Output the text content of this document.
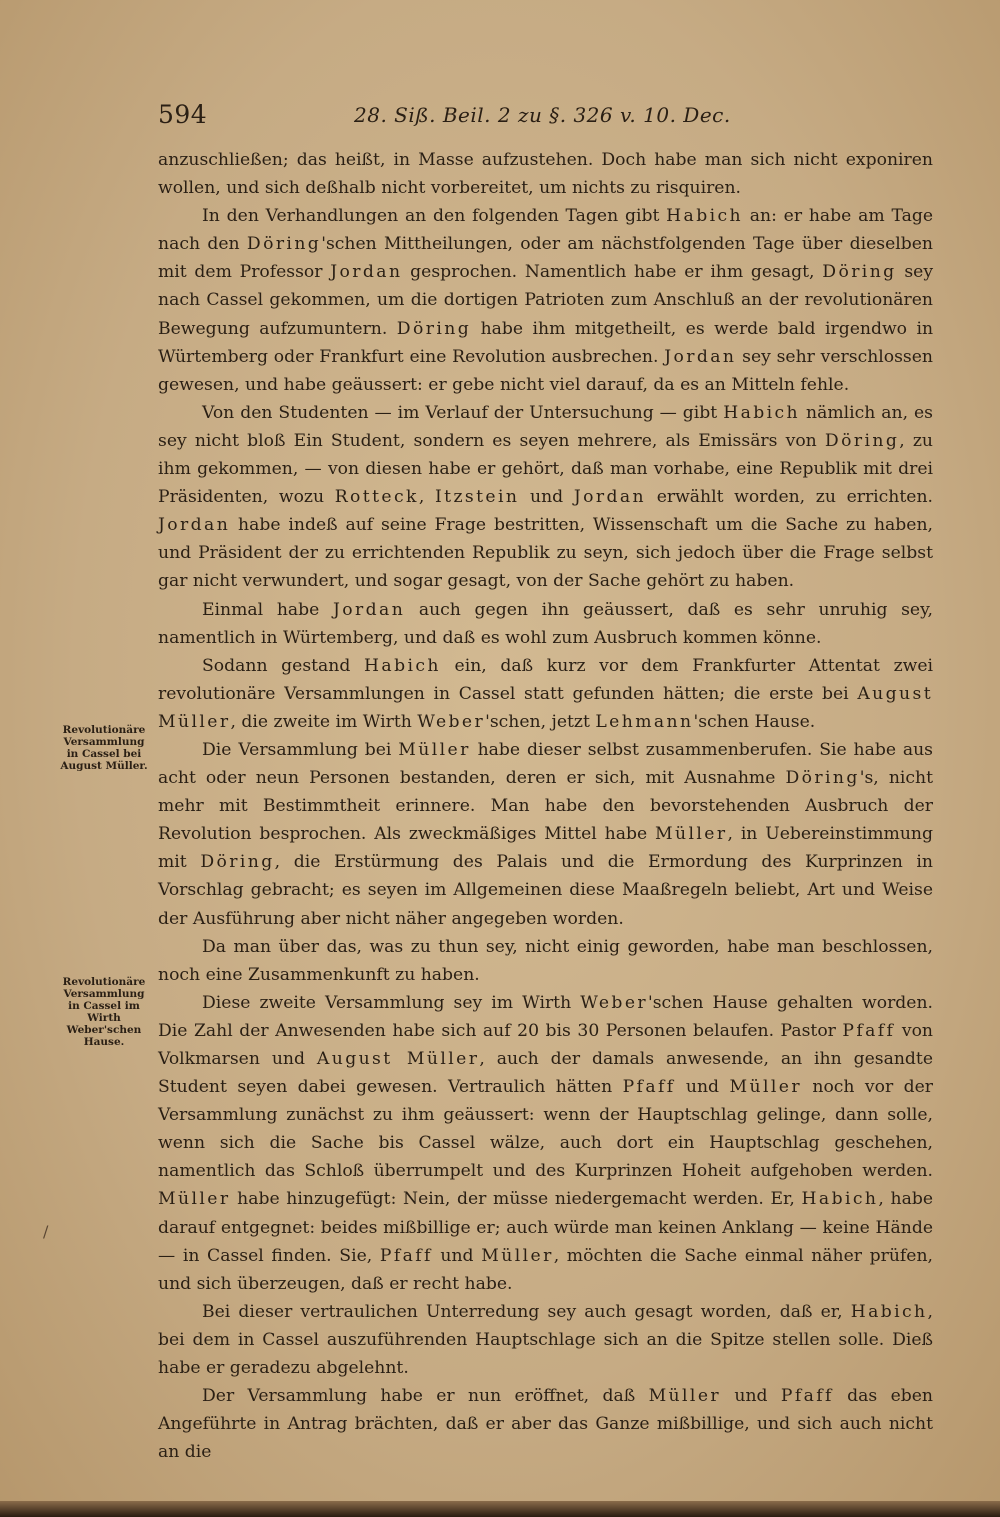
594	28. Siß. Beil. 2 zu §. 326 v. 10. Dec.
Revolutionäre Versammlung in Cassel bei August Müller.
Revolutionäre Versammlung in Cassel im Wirth Weber'schen Hause.
/

anzuschließen; das heißt, in Masse aufzustehen. Doch habe man sich nicht exponiren wollen, und sich deßhalb nicht vorbereitet, um nichts zu risquiren.

In den Verhandlungen an den folgenden Tagen gibt Habich an: er habe am Tage nach den Döring'schen Mittheilungen, oder am nächstfolgenden Tage über dieselben mit dem Professor Jordan gesprochen. Namentlich habe er ihm gesagt, Döring sey nach Cassel gekommen, um die dortigen Patrioten zum Anschluß an der revolutionären Bewegung aufzumuntern. Döring habe ihm mitgetheilt, es werde bald irgendwo in Würtemberg oder Frankfurt eine Revolution ausbrechen. Jordan sey sehr verschlossen gewesen, und habe geäussert: er gebe nicht viel darauf, da es an Mitteln fehle.

Von den Studenten — im Verlauf der Untersuchung — gibt Habich nämlich an, es sey nicht bloß Ein Student, sondern es seyen mehrere, als Emissärs von Döring, zu ihm gekommen, — von diesen habe er gehört, daß man vorhabe, eine Republik mit drei Präsidenten, wozu Rotteck, Itzstein und Jordan erwählt worden, zu errichten. Jordan habe indeß auf seine Frage bestritten, Wissenschaft um die Sache zu haben, und Präsident der zu errichtenden Republik zu seyn, sich jedoch über die Frage selbst gar nicht verwundert, und sogar gesagt, von der Sache gehört zu haben.

Einmal habe Jordan auch gegen ihn geäussert, daß es sehr unruhig sey, namentlich in Würtemberg, und daß es wohl zum Ausbruch kommen könne.

Sodann gestand Habich ein, daß kurz vor dem Frankfurter Attentat zwei revolutionäre Versammlungen in Cassel statt gefunden hätten; die erste bei August Müller, die zweite im Wirth Weber'schen, jetzt Lehmann'schen Hause.

Die Versammlung bei Müller habe dieser selbst zusammenberufen. Sie habe aus acht oder neun Personen bestanden, deren er sich, mit Ausnahme Döring's, nicht mehr mit Bestimmtheit erinnere. Man habe den bevorstehenden Ausbruch der Revolution besprochen. Als zweckmäßiges Mittel habe Müller, in Uebereinstimmung mit Döring, die Erstürmung des Palais und die Ermordung des Kurprinzen in Vorschlag gebracht; es seyen im Allgemeinen diese Maaßregeln beliebt, Art und Weise der Ausführung aber nicht näher angegeben worden.

Da man über das, was zu thun sey, nicht einig geworden, habe man beschlossen, noch eine Zusammenkunft zu haben.

Diese zweite Versammlung sey im Wirth Weber'schen Hause gehalten worden. Die Zahl der Anwesenden habe sich auf 20 bis 30 Personen belaufen. Pastor Pfaff von Volkmarsen und August Müller, auch der damals anwesende, an ihn gesandte Student seyen dabei gewesen. Vertraulich hätten Pfaff und Müller noch vor der Versammlung zunächst zu ihm geäussert: wenn der Hauptschlag gelinge, dann solle, wenn sich die Sache bis Cassel wälze, auch dort ein Hauptschlag geschehen, namentlich das Schloß überrumpelt und des Kurprinzen Hoheit aufgehoben werden. Müller habe hinzugefügt: Nein, der müsse niedergemacht werden. Er, Habich, habe darauf entgegnet: beides mißbillige er; auch würde man keinen Anklang — keine Hände — in Cassel finden. Sie, Pfaff und Müller, möchten die Sache einmal näher prüfen, und sich überzeugen, daß er recht habe.

Bei dieser vertraulichen Unterredung sey auch gesagt worden, daß er, Habich, bei dem in Cassel auszuführenden Hauptschlage sich an die Spitze stellen solle. Dieß habe er geradezu abgelehnt.

Der Versammlung habe er nun eröffnet, daß Müller und Pfaff das eben Angeführte in Antrag brächten, daß er aber das Ganze mißbillige, und sich auch nicht an die
